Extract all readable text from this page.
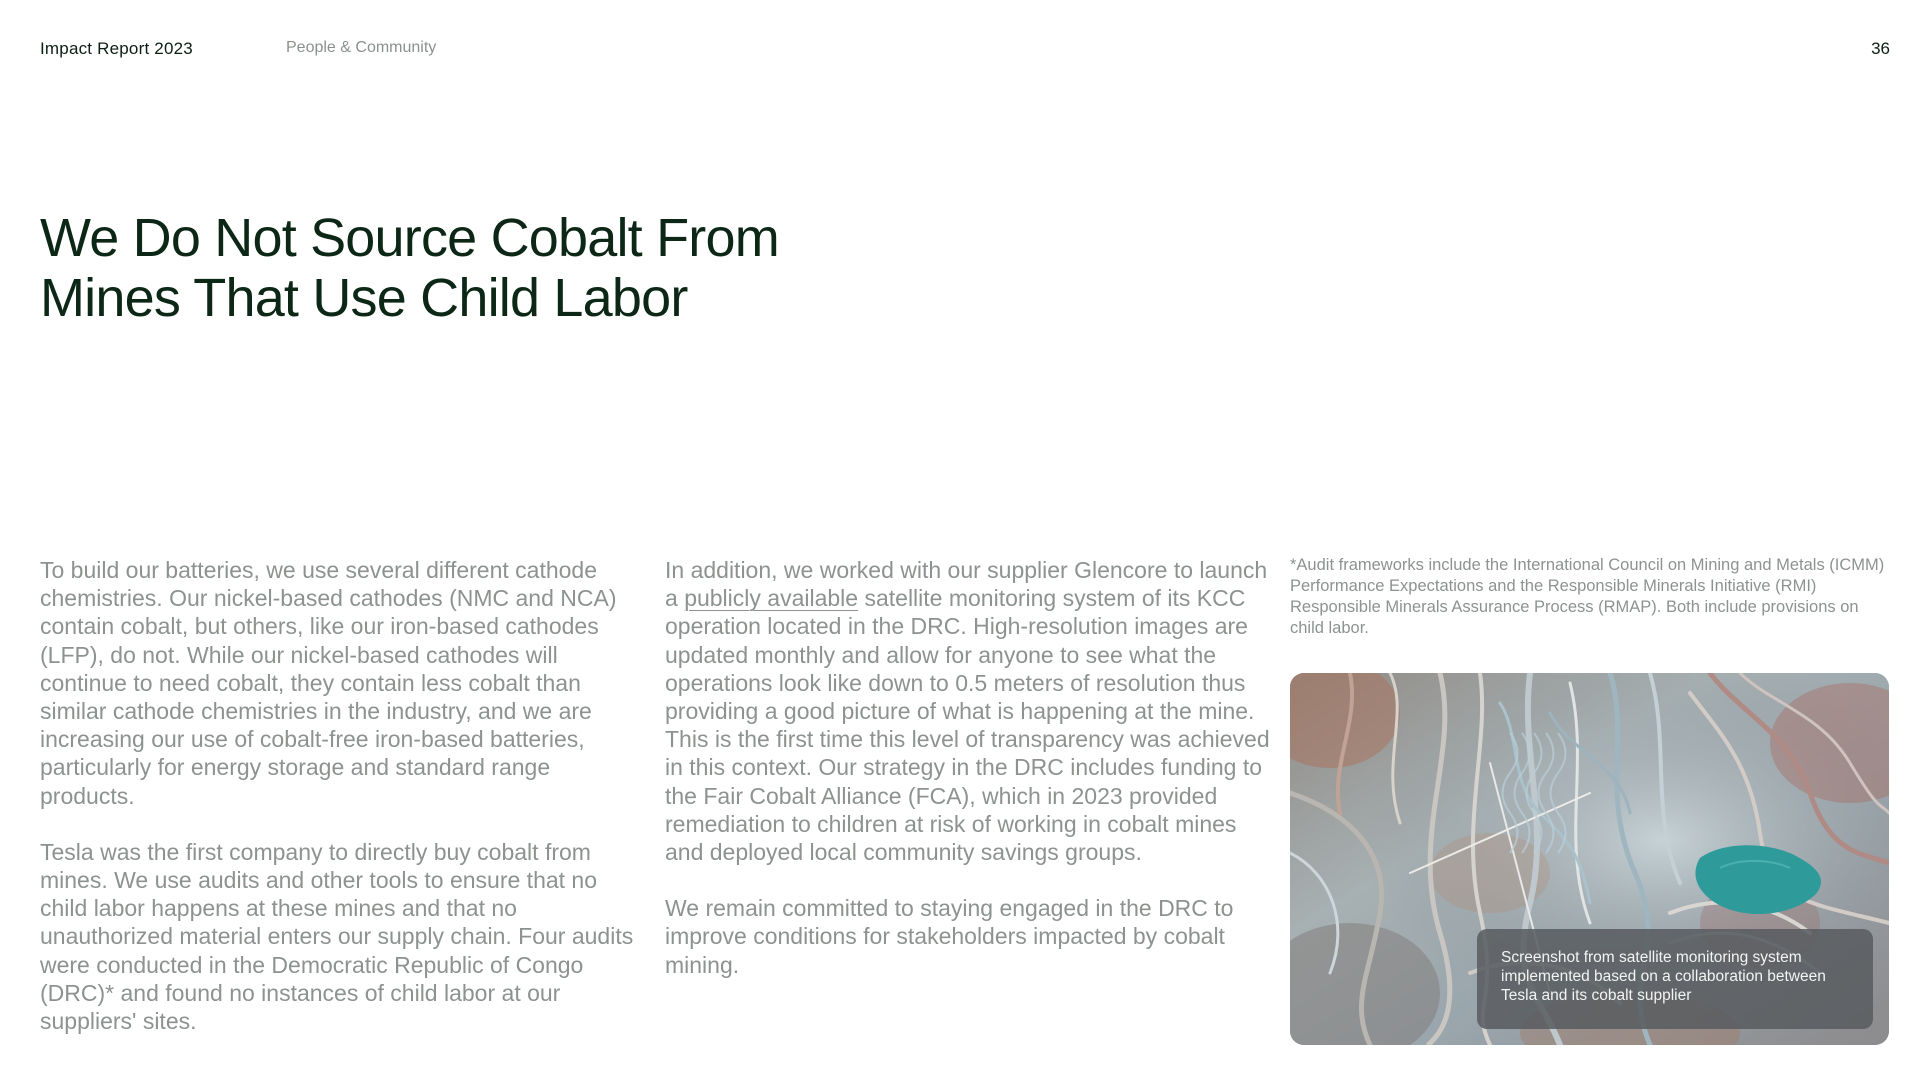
Impact Report 2023	People & Community	36
We Do Not Source Cobalt From
Mines That Use Child Labor

To build our batteries, we use several different cathode chemistries. Our nickel-based cathodes (NMC and NCA) contain cobalt, but others, like our iron-based cathodes (LFP), do not. While our nickel-based cathodes will continue to need cobalt, they contain less cobalt than similar cathode chemistries in the industry, and we are increasing our use of cobalt-free iron-based batteries, particularly for energy storage and standard range products.

Tesla was the first company to directly buy cobalt from mines. We use audits and other tools to ensure that no child labor happens at these mines and that no unauthorized material enters our supply chain. Four audits were conducted in the Democratic Republic of Congo (DRC)* and found no instances of child labor at our suppliers' sites.

In addition, we worked with our supplier Glencore to launch a publicly available satellite monitoring system of its KCC operation located in the DRC. High-resolution images are updated monthly and allow for anyone to see what the operations look like down to 0.5 meters of resolution thus providing a good picture of what is happening at the mine. This is the first time this level of transparency was achieved in this context. Our strategy in the DRC includes funding to the Fair Cobalt Alliance (FCA), which in 2023 provided remediation to children at risk of working in cobalt mines and deployed local community savings groups.

We remain committed to staying engaged in the DRC to improve conditions for stakeholders impacted by cobalt mining.

*Audit frameworks include the International Council on Mining and Metals (ICMM) Performance Expectations and the Responsible Minerals Initiative (RMI) Responsible Minerals Assurance Process (RMAP). Both include provisions on child labor.

Screenshot from satellite monitoring system implemented based on a collaboration between Tesla and its cobalt supplier
